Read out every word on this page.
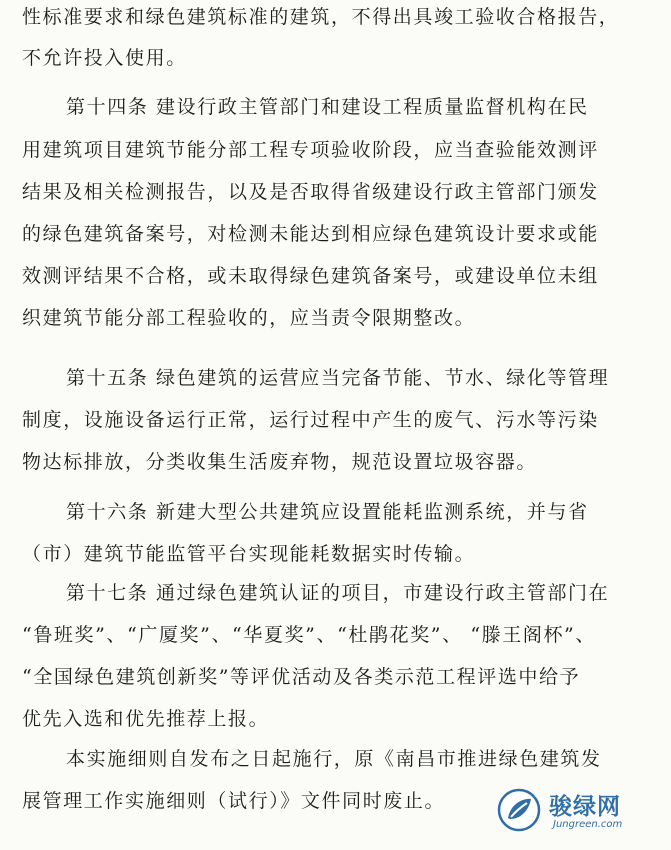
性标准要求和绿色建筑标准的建筑，不得出具竣工验收合格报告，
不允许投入使用。
第十四条 建设行政主管部门和建设工程质量监督机构在民
用建筑项目建筑节能分部工程专项验收阶段，应当查验能效测评
结果及相关检测报告，以及是否取得省级建设行政主管部门颁发
的绿色建筑备案号，对检测未能达到相应绿色建筑设计要求或能
效测评结果不合格，或未取得绿色建筑备案号，或建设单位未组
织建筑节能分部工程验收的，应当责令限期整改。
第十五条 绿色建筑的运营应当完备节能、节水、绿化等管理
制度，设施设备运行正常，运行过程中产生的废气、污水等污染
物达标排放，分类收集生活废弃物，规范设置垃圾容器。
第十六条 新建大型公共建筑应设置能耗监测系统，并与省
（市）建筑节能监管平台实现能耗数据实时传输。
第十七条 通过绿色建筑认证的项目，市建设行政主管部门在
“鲁班奖”、“广厦奖”、“华夏奖”、“杜鹃花奖”、 “滕王阁杯”、
“全国绿色建筑创新奖”等评优活动及各类示范工程评选中给予
优先入选和优先推荐上报。
本实施细则自发布之日起施行，原《南昌市推进绿色建筑发
展管理工作实施细则（试行）》文件同时废止。	骏绿网
Jungreen.com
